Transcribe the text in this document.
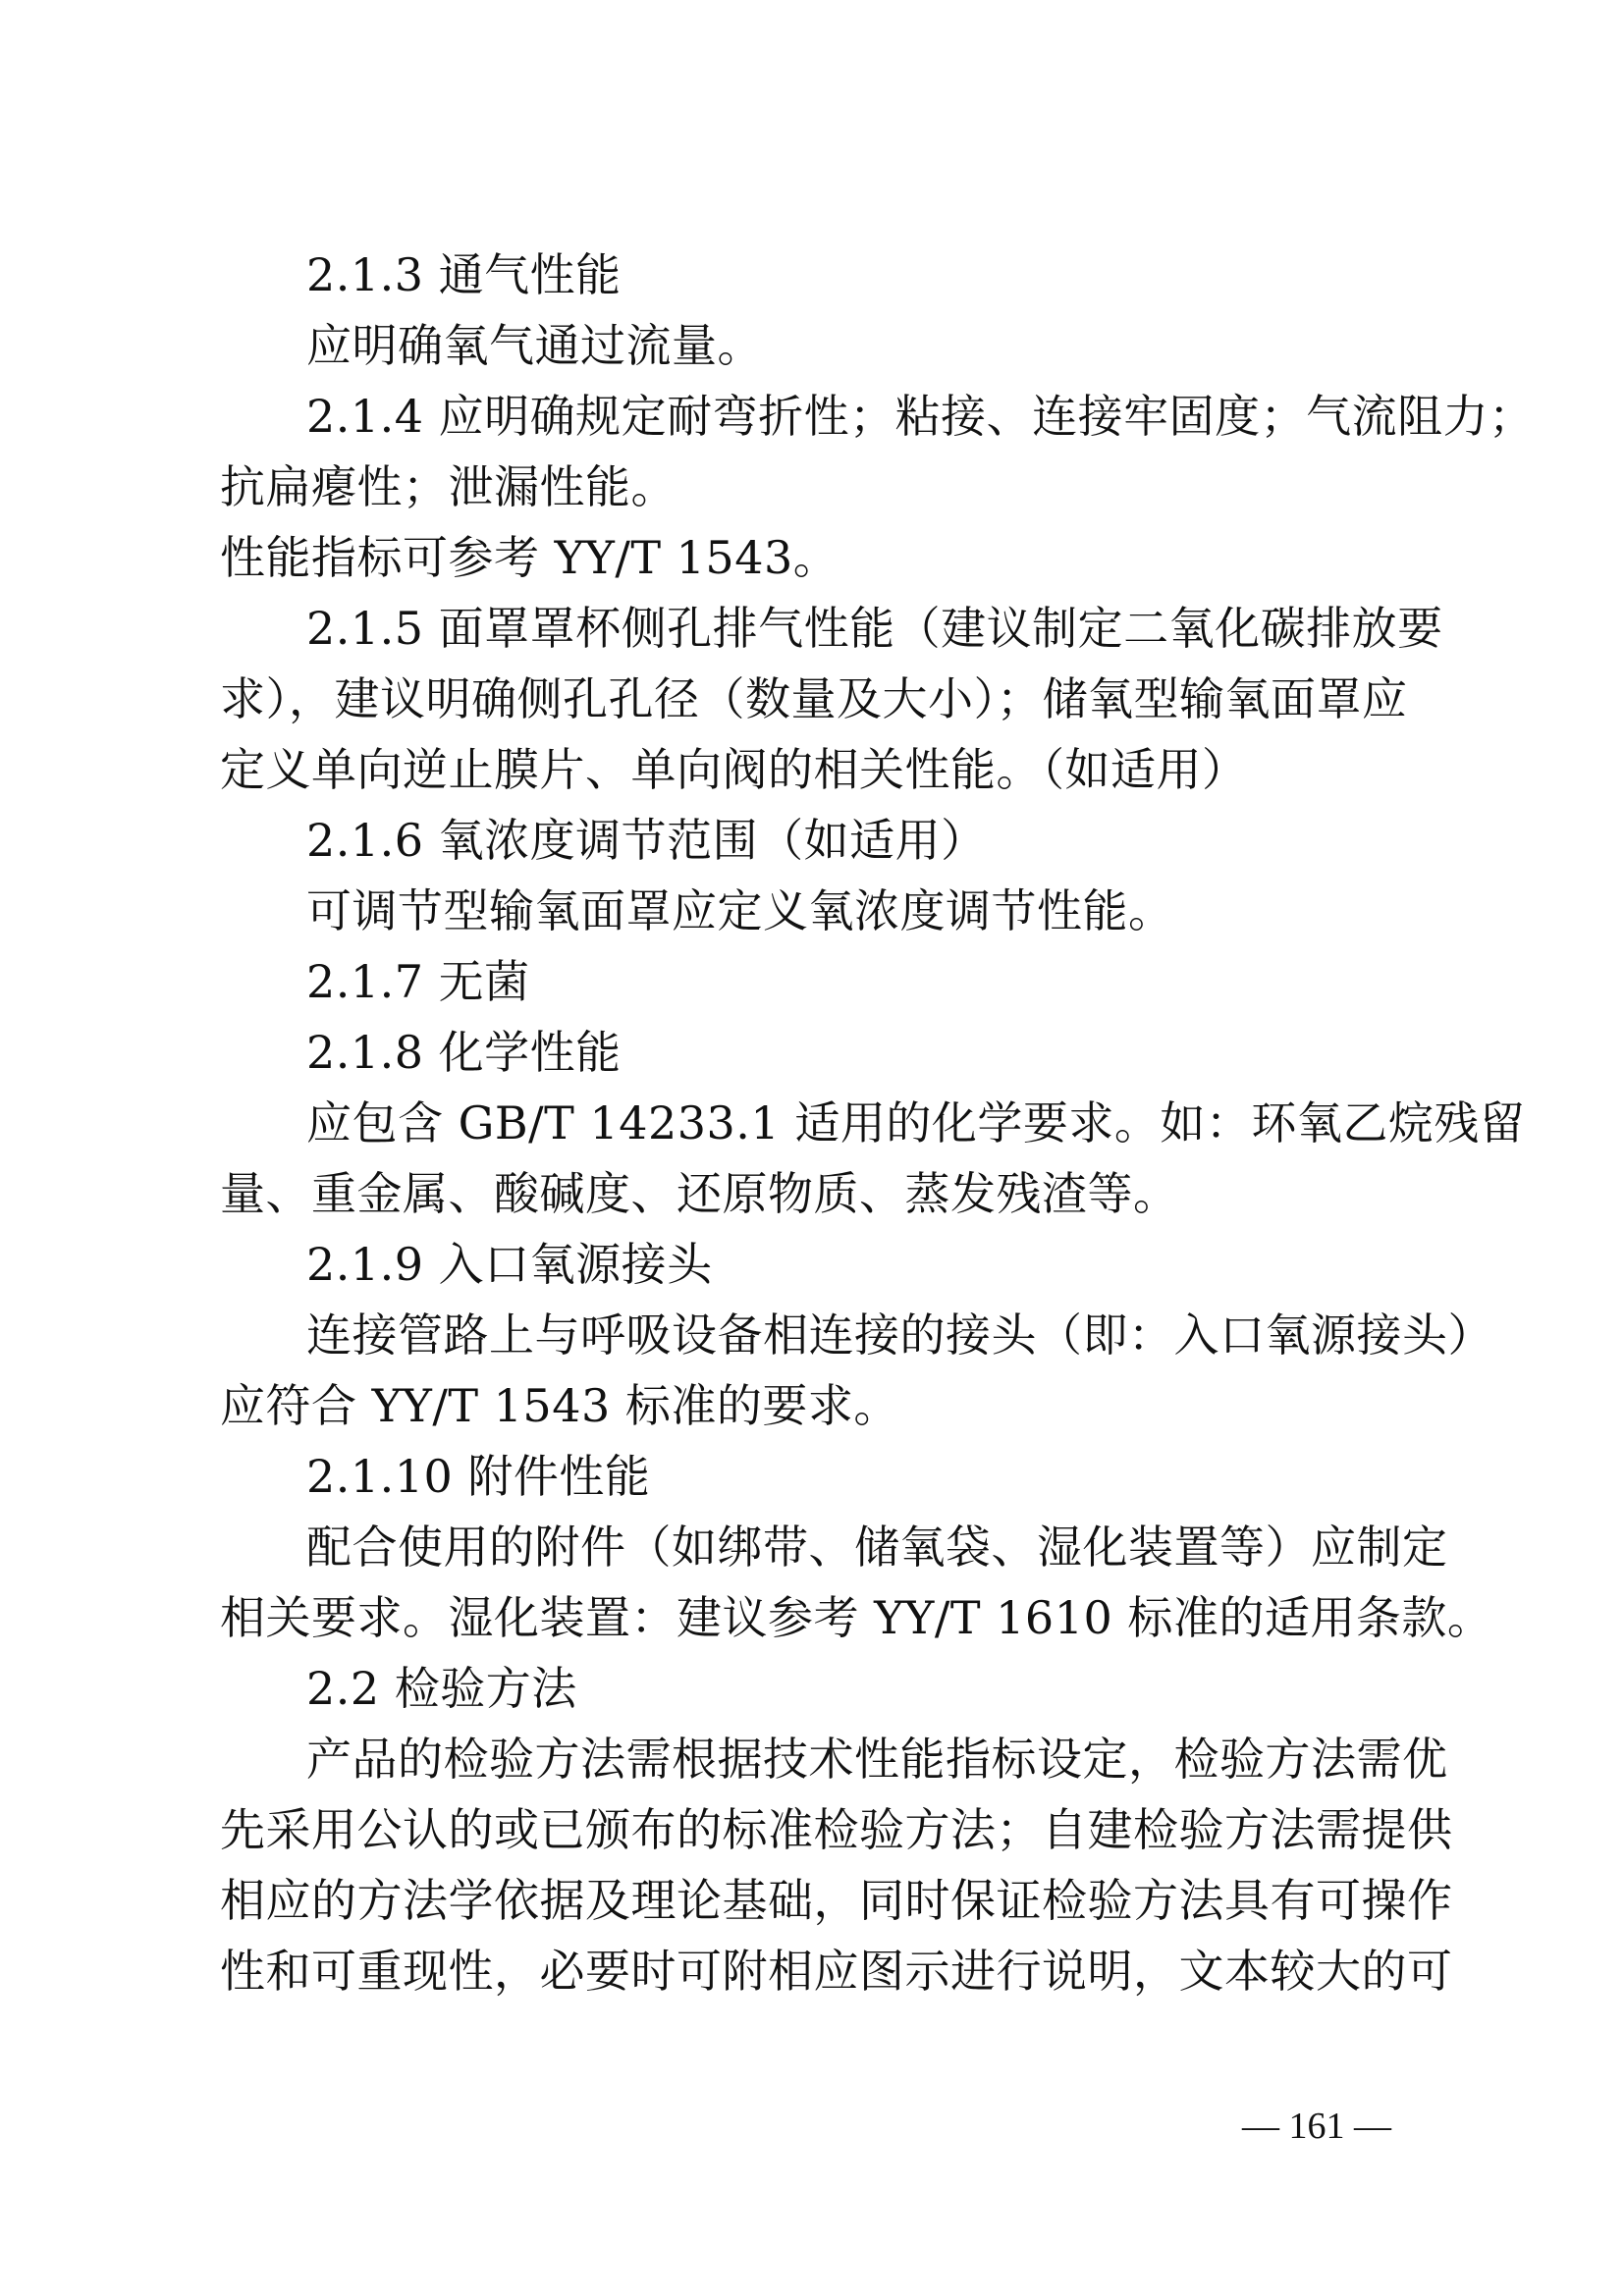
2.1.3 通气性能
应明确氧气通过流量。
2.1.4 应明确规定耐弯折性；粘接、连接牢固度；气流阻力；
抗扁瘪性；泄漏性能。
性能指标可参考 YY/T 1543。
2.1.5 面罩罩杯侧孔排气性能（建议制定二氧化碳排放要
求），建议明确侧孔孔径（数量及大小）；储氧型输氧面罩应
定义单向逆止膜片、单向阀的相关性能。（如适用）
2.1.6 氧浓度调节范围（如适用）
可调节型输氧面罩应定义氧浓度调节性能。
2.1.7 无菌
2.1.8 化学性能
应包含 GB/T 14233.1 适用的化学要求。如：环氧乙烷残留
量、重金属、酸碱度、还原物质、蒸发残渣等。
2.1.9 入口氧源接头
连接管路上与呼吸设备相连接的接头（即：入口氧源接头）
应符合 YY/T 1543 标准的要求。
2.1.10 附件性能
配合使用的附件（如绑带、储氧袋、湿化装置等）应制定
相关要求。湿化装置：建议参考 YY/T 1610 标准的适用条款。
2.2 检验方法
产品的检验方法需根据技术性能指标设定，检验方法需优
先采用公认的或已颁布的标准检验方法；自建检验方法需提供
相应的方法学依据及理论基础，同时保证检验方法具有可操作
性和可重现性，必要时可附相应图示进行说明，文本较大的可
— 161 —
